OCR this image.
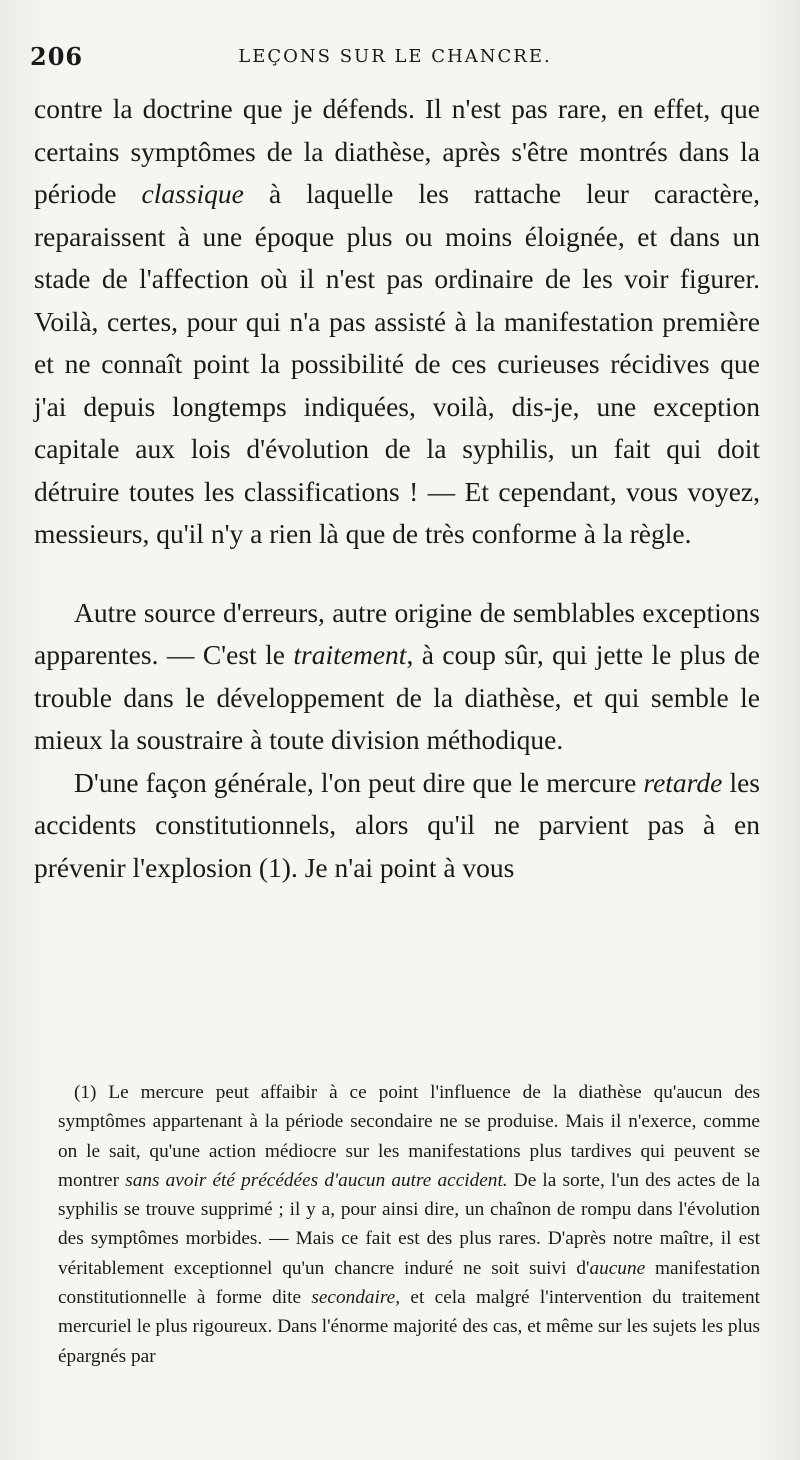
206	LEÇONS SUR LE CHANCRE.

contre la doctrine que je défends. Il n'est pas rare, en effet, que certains symptômes de la diathèse, après s'être montrés dans la période classique à laquelle les rattache leur caractère, reparaissent à une époque plus ou moins éloignée, et dans un stade de l'affection où il n'est pas ordinaire de les voir figurer. Voilà, certes, pour qui n'a pas assisté à la manifestation première et ne connaît point la possibilité de ces curieuses récidives que j'ai depuis longtemps indiquées, voilà, dis-je, une exception capitale aux lois d'évolution de la syphilis, un fait qui doit détruire toutes les classifications ! — Et cependant, vous voyez, messieurs, qu'il n'y a rien là que de très conforme à la règle.

Autre source d'erreurs, autre origine de semblables exceptions apparentes. — C'est le traitement, à coup sûr, qui jette le plus de trouble dans le développement de la diathèse, et qui semble le mieux la soustraire à toute division méthodique.

D'une façon générale, l'on peut dire que le mercure retarde les accidents constitutionnels, alors qu'il ne parvient pas à en prévenir l'explosion (1). Je n'ai point à vous

(1) Le mercure peut affaibir à ce point l'influence de la diathèse qu'aucun des symptômes appartenant à la période secondaire ne se produise. Mais il n'exerce, comme on le sait, qu'une action médiocre sur les manifestations plus tardives qui peuvent se montrer sans avoir été précédées d'aucun autre accident. De la sorte, l'un des actes de la syphilis se trouve supprimé ; il y a, pour ainsi dire, un chaînon de rompu dans l'évolution des symptômes morbides. — Mais ce fait est des plus rares. D'après notre maître, il est véritablement exceptionnel qu'un chancre induré ne soit suivi d'aucune manifestation constitutionnelle à forme dite secondaire, et cela malgré l'intervention du traitement mercuriel le plus rigoureux. Dans l'énorme majorité des cas, et même sur les sujets les plus épargnés par
